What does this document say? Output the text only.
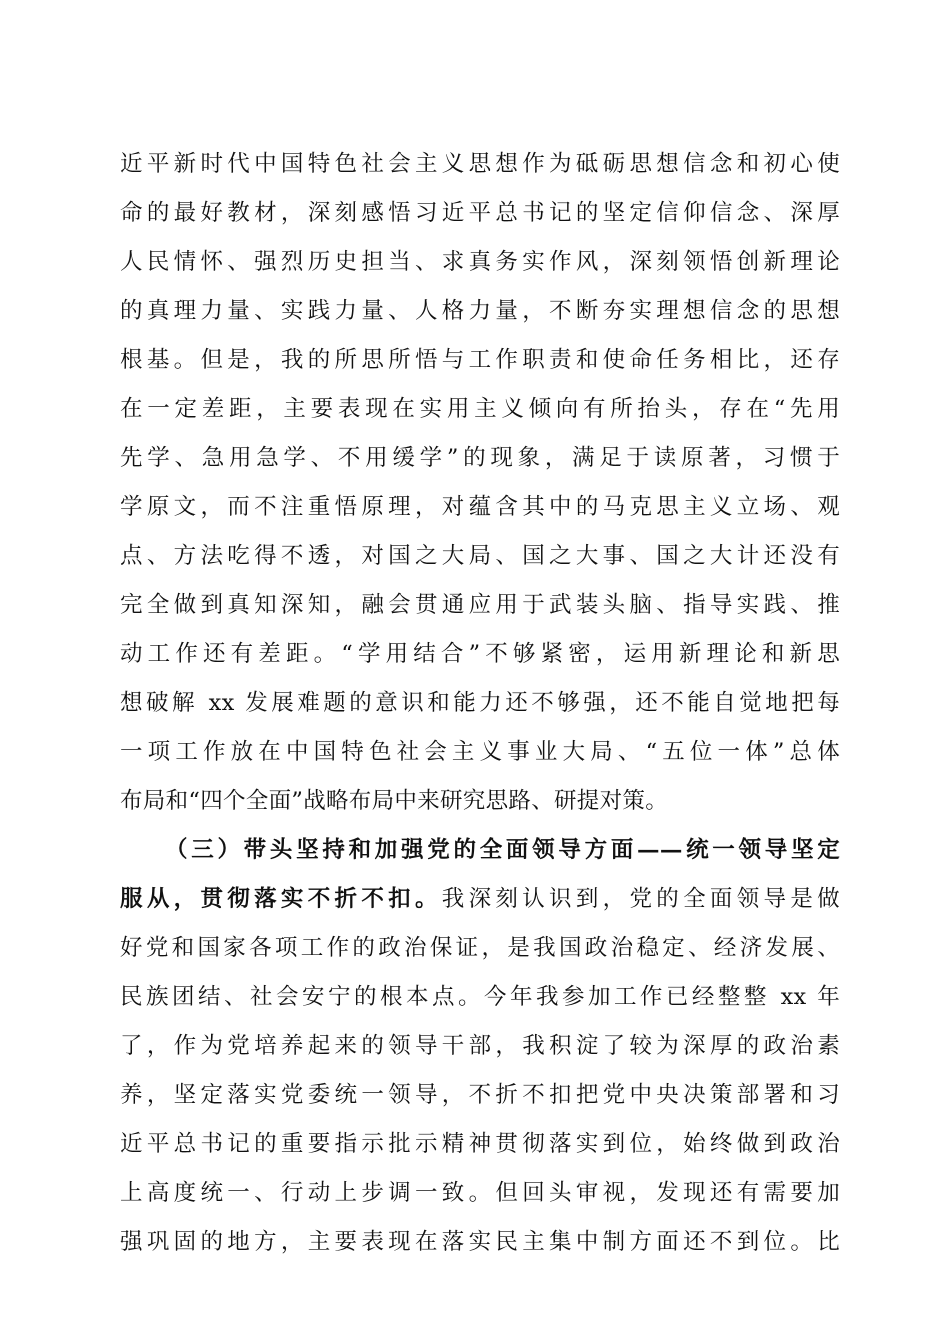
近平新时代中国特色社会主义思想作为砥砺思想信念和初心使
命的最好教材，深刻感悟习近平总书记的坚定信仰信念、深厚
人民情怀、强烈历史担当、求真务实作风，深刻领悟创新理论
的真理力量、实践力量、人格力量，不断夯实理想信念的思想
根基。但是，我的所思所悟与工作职责和使命任务相比，还存
在一定差距，主要表现在实用主义倾向有所抬头，存在“先用
先学、急用急学、不用缓学”的现象，满足于读原著，习惯于
学原文，而不注重悟原理，对蕴含其中的马克思主义立场、观
点、方法吃得不透，对国之大局、国之大事、国之大计还没有
完全做到真知深知，融会贯通应用于武装头脑、指导实践、推
动工作还有差距。“学用结合”不够紧密，运用新理论和新思
想破解 xx 发展难题的意识和能力还不够强，还不能自觉地把每
一项工作放在中国特色社会主义事业大局、“五位一体”总体
布局和“四个全面”战略布局中来研究思路、研提对策。
（三）带头坚持和加强党的全面领导方面——统一领导坚定
服从，贯彻落实不折不扣。我深刻认识到，党的全面领导是做
好党和国家各项工作的政治保证，是我国政治稳定、经济发展、
民族团结、社会安宁的根本点。今年我参加工作已经整整 xx 年
了，作为党培养起来的领导干部，我积淀了较为深厚的政治素
养，坚定落实党委统一领导，不折不扣把党中央决策部署和习
近平总书记的重要指示批示精神贯彻落实到位，始终做到政治
上高度统一、行动上步调一致。但回头审视，发现还有需要加
强巩固的地方，主要表现在落实民主集中制方面还不到位。比
